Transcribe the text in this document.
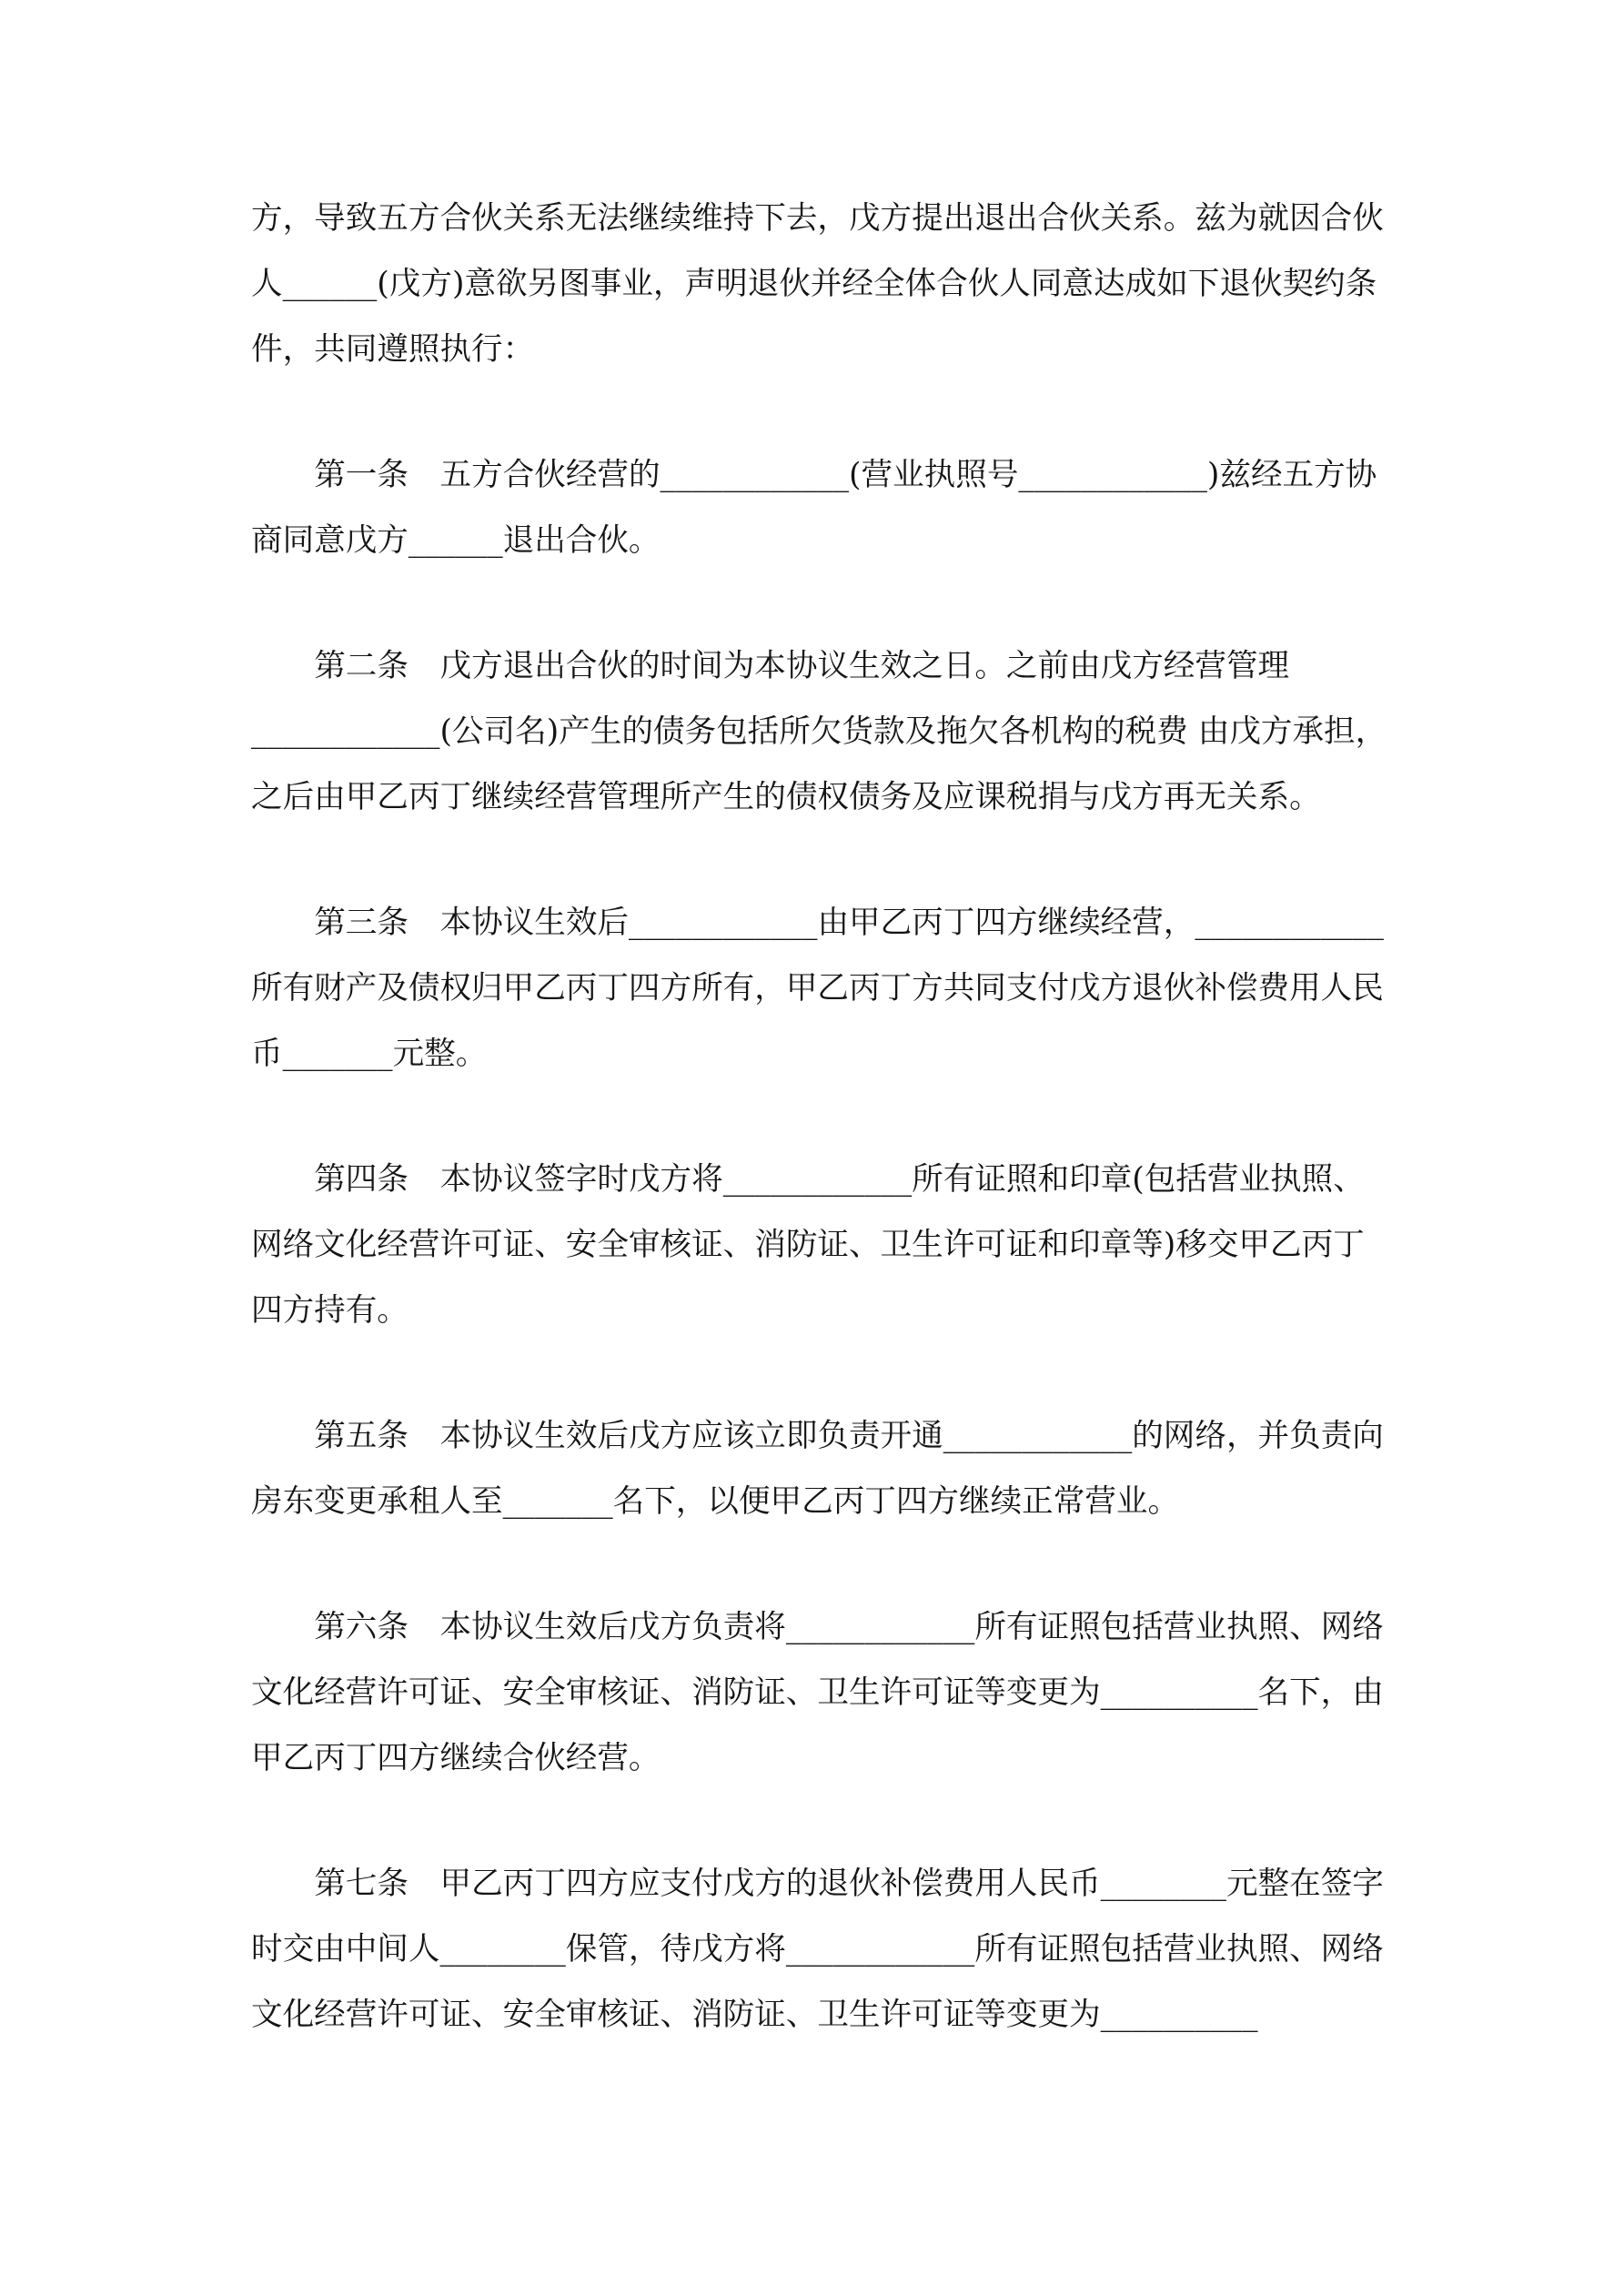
方，导致五方合伙关系无法继续维持下去，戊方提出退出合伙关系。兹为就因合伙人______(戊方)意欲另图事业，声明退伙并经全体合伙人同意达成如下退伙契约条件，共同遵照执行：

第一条 五方合伙经营的____________(营业执照号____________)兹经五方协商同意戊方______退出合伙。

第二条 戊方退出合伙的时间为本协议生效之日。之前由戊方经营管理____________(公司名)产生的债务包括所欠货款及拖欠各机构的税费 由戊方承担，之后由甲乙丙丁继续经营管理所产生的债权债务及应课税捐与戊方再无关系。

第三条 本协议生效后____________由甲乙丙丁四方继续经营，____________所有财产及债权归甲乙丙丁四方所有，甲乙丙丁方共同支付戊方退伙补偿费用人民币_______元整。

第四条 本协议签字时戊方将____________所有证照和印章(包括营业执照、网络文化经营许可证、安全审核证、消防证、卫生许可证和印章等)移交甲乙丙丁四方持有。

第五条 本协议生效后戊方应该立即负责开通____________的网络，并负责向房东变更承租人至_______名下，以便甲乙丙丁四方继续正常营业。

第六条 本协议生效后戊方负责将____________所有证照包括营业执照、网络文化经营许可证、安全审核证、消防证、卫生许可证等变更为__________名下，由甲乙丙丁四方继续合伙经营。

第七条 甲乙丙丁四方应支付戊方的退伙补偿费用人民币________元整在签字时交由中间人________保管，待戊方将____________所有证照包括营业执照、网络文化经营许可证、安全审核证、消防证、卫生许可证等变更为__________
